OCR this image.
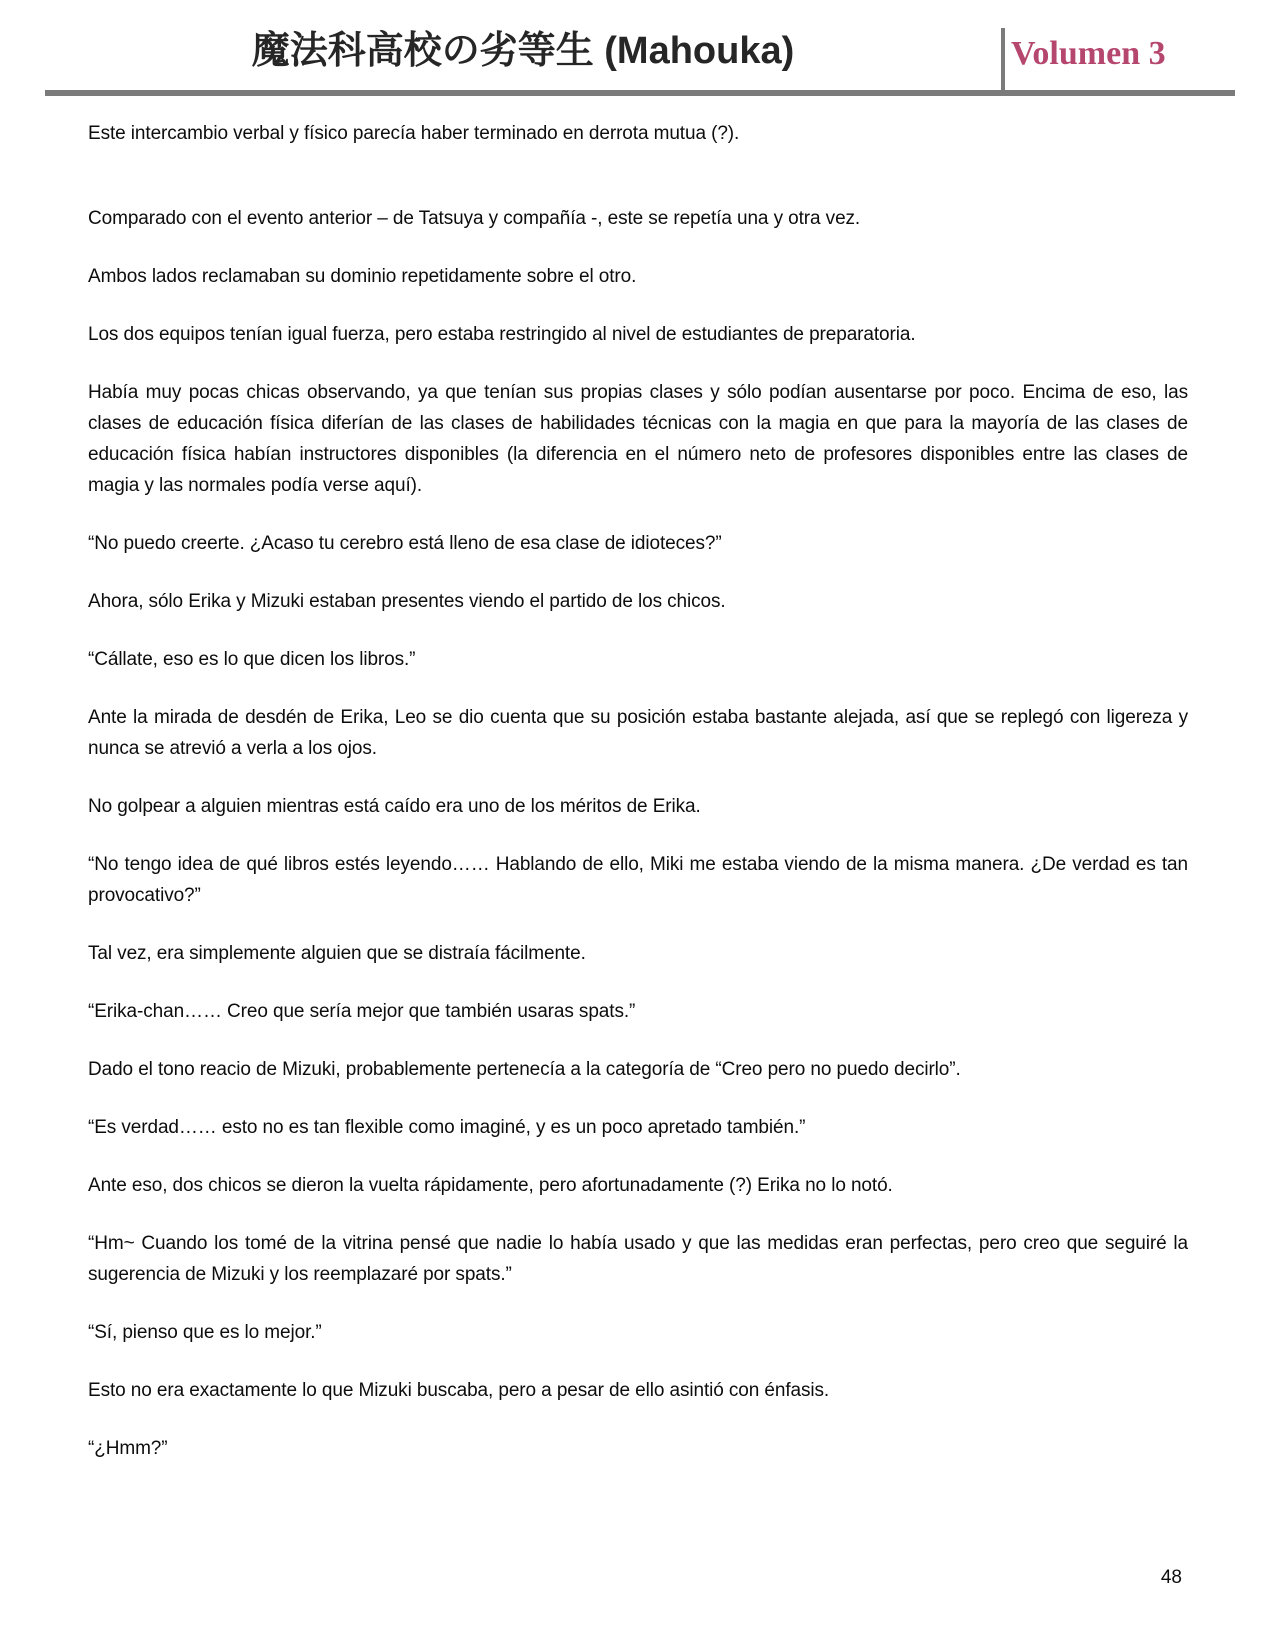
魔法科高校の劣等生 (Mahouka)	Volumen 3

Este intercambio verbal y físico parecía haber terminado en derrota mutua (?).

Comparado con el evento anterior – de Tatsuya y compañía -, este se repetía una y otra vez.

Ambos lados reclamaban su dominio repetidamente sobre el otro.

Los dos equipos tenían igual fuerza, pero estaba restringido al nivel de estudiantes de preparatoria.

Había muy pocas chicas observando, ya que tenían sus propias clases y sólo podían ausentarse por poco. Encima de eso, las clases de educación física diferían de las clases de habilidades técnicas con la magia en que para la mayoría de las clases de educación física habían instructores disponibles (la diferencia en el número neto de profesores disponibles entre las clases de magia y las normales podía verse aquí).

“No puedo creerte. ¿Acaso tu cerebro está lleno de esa clase de idioteces?”

Ahora, sólo Erika y Mizuki estaban presentes viendo el partido de los chicos.

“Cállate, eso es lo que dicen los libros.”

Ante la mirada de desdén de Erika, Leo se dio cuenta que su posición estaba bastante alejada, así que se replegó con ligereza y nunca se atrevió a verla a los ojos.

No golpear a alguien mientras está caído era uno de los méritos de Erika.

“No tengo idea de qué libros estés leyendo…… Hablando de ello, Miki me estaba viendo de la misma manera. ¿De verdad es tan provocativo?”

Tal vez, era simplemente alguien que se distraía fácilmente.

“Erika-chan…… Creo que sería mejor que también usaras spats.”

Dado el tono reacio de Mizuki, probablemente pertenecía a la categoría de “Creo pero no puedo decirlo”.

“Es verdad…… esto no es tan flexible como imaginé, y es un poco apretado también.”

Ante eso, dos chicos se dieron la vuelta rápidamente, pero afortunadamente (?) Erika no lo notó.

“Hm~ Cuando los tomé de la vitrina pensé que nadie lo había usado y que las medidas eran perfectas, pero creo que seguiré la sugerencia de Mizuki y los reemplazaré por spats.”

“Sí, pienso que es lo mejor.”

Esto no era exactamente lo que Mizuki buscaba, pero a pesar de ello asintió con énfasis.

“¿Hmm?”

48
